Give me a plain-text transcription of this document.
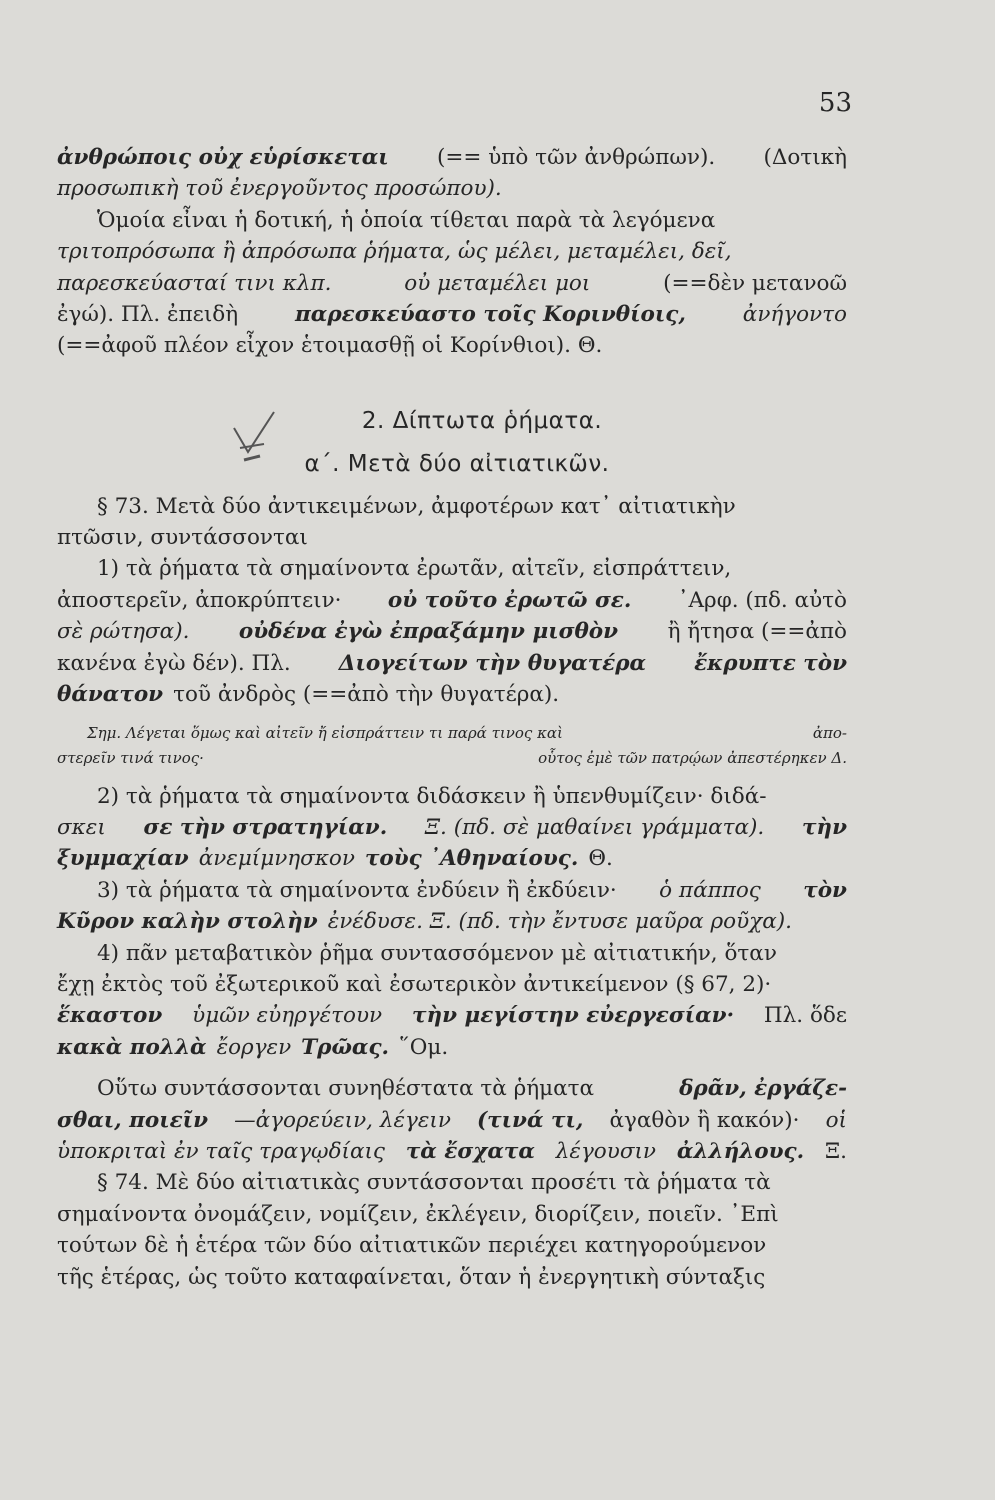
53
ἀνθρώποις οὐχ εὑρίσκεται (== ὑπὸ τῶν ἀνθρώπων). (Δοτικὴ
προσωπικὴ τοῦ ἐνεργοῦντος προσώπου).
Ὁμοία εἶναι ἡ δοτική, ἡ ὁποία τίθεται παρὰ τὰ λεγόμενα
τριτοπρόσωπα ἢ ἀπρόσωπα ῥήματα, ὡς μέλει, μεταμέλει, δεῖ,
παρεσκεύασταί τινι κλπ.	οὐ μεταμέλει μοι	(==δὲν μετανοῶ
ἐγώ). Πλ. ἐπειδὴ	παρεσκεύαστο τοῖς Κορινθίοις,	ἀνήγοντο
(==ἀφοῦ πλέον εἶχον ἑτοιμασθῇ οἱ Κορίνθιοι). Θ.
2. Δίπτωτα ῥήματα.
α΄. Μετὰ δύο αἰτιατικῶν.
§ 73. Μετὰ δύο ἀντικειμένων, ἀμφοτέρων κατ᾽ αἰτιατικὴν
πτῶσιν, συντάσσονται
1) τὰ ῥήματα τὰ σημαίνοντα ἐρωτᾶν, αἰτεῖν, εἰσπράττειν,
ἀποστερεῖν, ἀποκρύπτειν· οὐ τοῦτο ἐρωτῶ σε. ᾿Αρφ. (πδ. αὐτὸ
σὲ ρώτησα). οὐδένα ἐγὼ ἐπραξάμην μισθὸν ἢ ἤτησα (==ἀπὸ
κανένα ἐγὼ δέν). Πλ. Διογείτων τὴν θυγατέρα ἔκρυπτε τὸν
θάνατον τοῦ ἀνδρὸς (==ἀπὸ τὴν θυγατέρα).
Σημ. Λέγεται ὅμως καὶ αἰτεῖν ἤ εἰσπράττειν τι παρά τινος καὶ	ἀπο-
στερεῖν τινά τινος·	οὗτος ἐμὲ τῶν πατρῴων ἀπεστέρηκεν Δ.
2) τὰ ῥήματα τὰ σημαίνοντα διδάσκειν ἢ ὑπενθυμίζειν· διδά-
σκει σε τὴν στρατηγίαν. Ξ. (πδ. σὲ μαθαίνει γράμματα). τὴν
ξυμμαχίαν ἀνεμίμνησκον τοὺς ᾿Αθηναίους. Θ.
3) τὰ ῥήματα τὰ σημαίνοντα ἐνδύειν ἢ ἐκδύειν· ὁ πάππος τὸν
Κῦρον καλὴν στολὴν ἐνέδυσε. Ξ. (πδ. τὴν ἔντυσε μαῦρα ροῦχα).
4) πᾶν μεταβατικὸν ῥῆμα συντασσόμενον μὲ αἰτιατικήν, ὅταν
ἔχῃ ἐκτὸς τοῦ ἐξωτερικοῦ καὶ ἐσωτερικὸν ἀντικείμενον (§ 67, 2)·
ἕκαστον ὑμῶν εὐηργέτουν τὴν μεγίστην εὐεργεσίαν· Πλ. ὅδε
κακὰ πολλὰ ἔοργεν Τρῶας. ῞Ομ.
Οὕτω συντάσσονται συνηθέστατα τὰ ῥήματα	δρᾶν, ἐργάζε-
σθαι, ποιεῖν —ἀγορεύειν, λέγειν (τινά τι, ἀγαθὸν ἢ κακόν)· οἱ
ὑποκριταὶ ἐν ταῖς τραγῳδίαις τὰ ἔσχατα λέγουσιν ἀλλήλους. Ξ.
§ 74. Μὲ δύο αἰτιατικὰς συντάσσονται προσέτι τὰ ῥήματα τὰ
σημαίνοντα ὀνομάζειν, νομίζειν, ἐκλέγειν, διορίζειν, ποιεῖν. ᾿Επὶ
τούτων δὲ ἡ ἑτέρα τῶν δύο αἰτιατικῶν περιέχει κατηγορούμενον
τῆς ἑτέρας, ὡς τοῦτο καταφαίνεται, ὅταν ἡ ἐνεργητικὴ σύνταξις
